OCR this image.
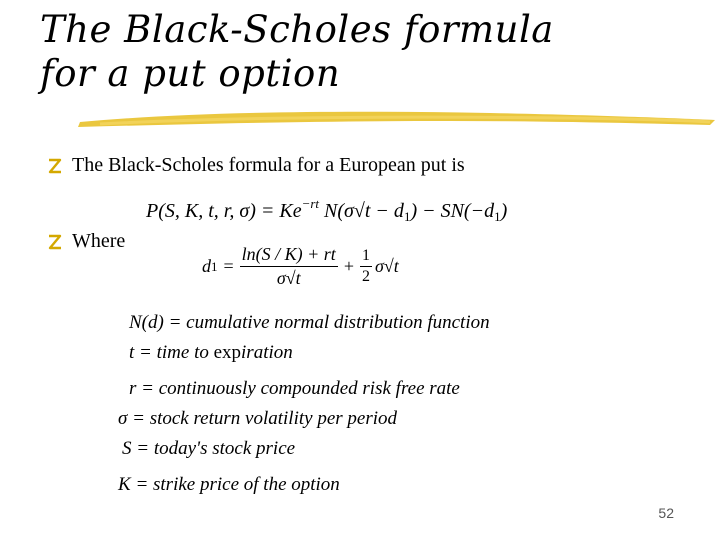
The Black-Scholes formula
for a put option
The Black-Scholes formula for a European put is
P(S, K, t, r, $\sigma) = Ke^{-rt}$ $N(\sigma√t - d_1) - SN(-d_1)$
Where
d $1 = \frac{\ln(S / K) + rt}{\sigma√t} + \frac{1}{2} \sigma√t$
N(d) = cumulative normal distribution function
t = time to expiration
r = continuously compounded risk free rate
σ = stock return volatility per period
S = today's stock price
K = strike price of the option
52
